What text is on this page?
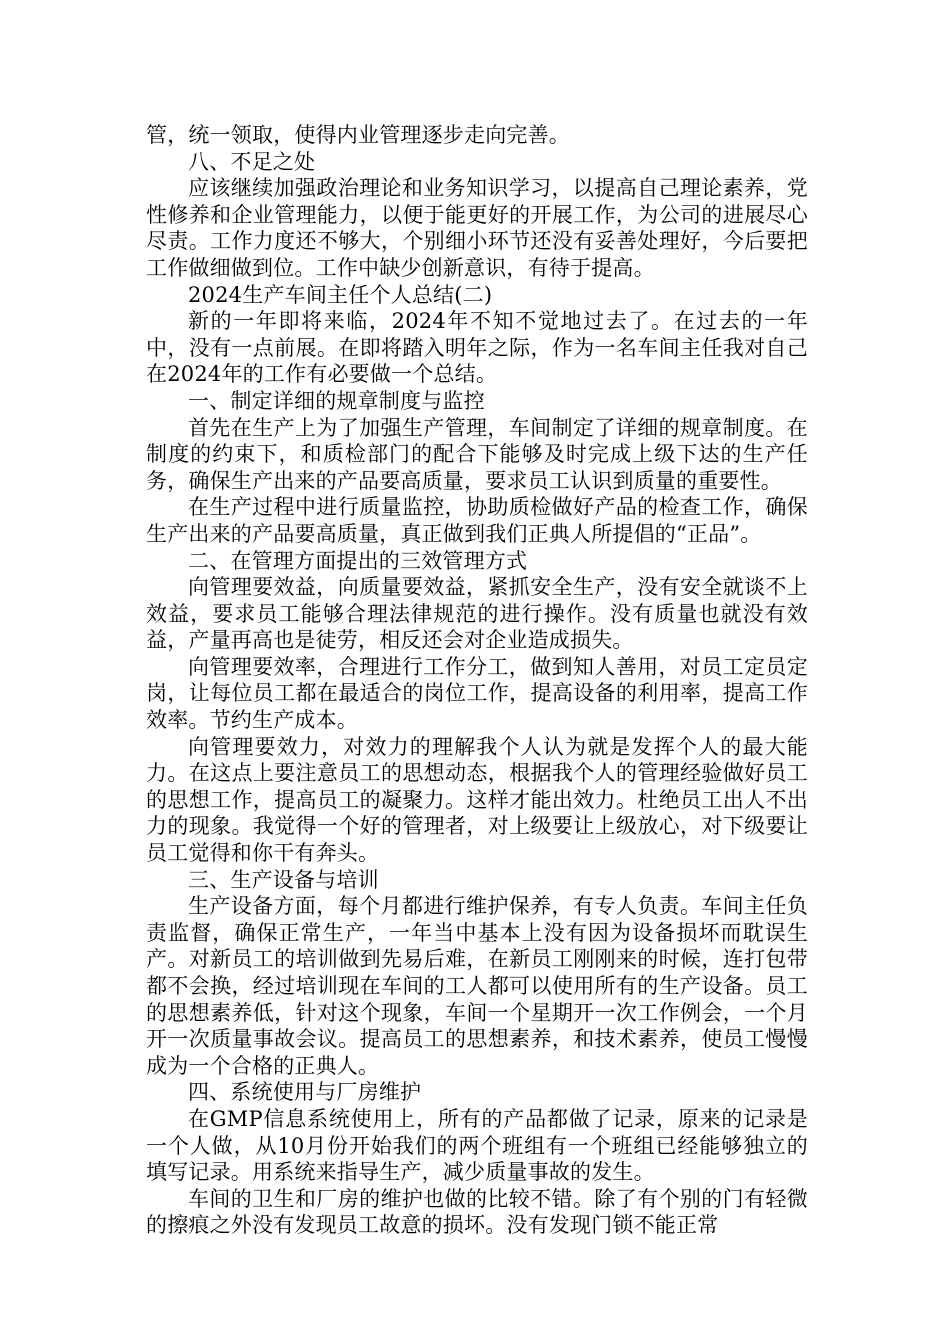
管，统一领取，使得内业管理逐步走向完善。

八、不足之处

应该继续加强政治理论和业务知识学习，以提高自己理论素养，党性修养和企业管理能力，以便于能更好的开展工作，为公司的进展尽心尽责。工作力度还不够大，个别细小环节还没有妥善处理好，今后要把工作做细做到位。工作中缺少创新意识，有待于提高。

2024生产车间主任个人总结(二)

新的一年即将来临，2024年不知不觉地过去了。在过去的一年中，没有一点前展。在即将踏入明年之际，作为一名车间主任我对自己在2024年的工作有必要做一个总结。

一、制定详细的规章制度与监控

首先在生产上为了加强生产管理，车间制定了详细的规章制度。在制度的约束下，和质检部门的配合下能够及时完成上级下达的生产任务，确保生产出来的产品要高质量，要求员工认识到质量的重要性。

在生产过程中进行质量监控，协助质检做好产品的检查工作，确保生产出来的产品要高质量，真正做到我们正典人所提倡的“正品”。

二、在管理方面提出的三效管理方式

向管理要效益，向质量要效益，紧抓安全生产，没有安全就谈不上效益，要求员工能够合理法律规范的进行操作。没有质量也就没有效益，产量再高也是徒劳，相反还会对企业造成损失。

向管理要效率，合理进行工作分工，做到知人善用，对员工定员定岗，让每位员工都在最适合的岗位工作，提高设备的利用率，提高工作效率。节约生产成本。

向管理要效力，对效力的理解我个人认为就是发挥个人的最大能力。在这点上要注意员工的思想动态，根据我个人的管理经验做好员工的思想工作，提高员工的凝聚力。这样才能出效力。杜绝员工出人不出力的现象。我觉得一个好的管理者，对上级要让上级放心，对下级要让员工觉得和你干有奔头。

三、生产设备与培训

生产设备方面，每个月都进行维护保养，有专人负责。车间主任负责监督，确保正常生产，一年当中基本上没有因为设备损坏而耽误生产。对新员工的培训做到先易后难，在新员工刚刚来的时候，连打包带都不会换，经过培训现在车间的工人都可以使用所有的生产设备。员工的思想素养低，针对这个现象，车间一个星期开一次工作例会，一个月开一次质量事故会议。提高员工的思想素养，和技术素养，使员工慢慢成为一个合格的正典人。

四、系统使用与厂房维护

在GMP信息系统使用上，所有的产品都做了记录，原来的记录是一个人做，从10月份开始我们的两个班组有一个班组已经能够独立的填写记录。用系统来指导生产，减少质量事故的发生。

车间的卫生和厂房的维护也做的比较不错。除了有个别的门有轻微的擦痕之外没有发现员工故意的损坏。没有发现门锁不能正常
